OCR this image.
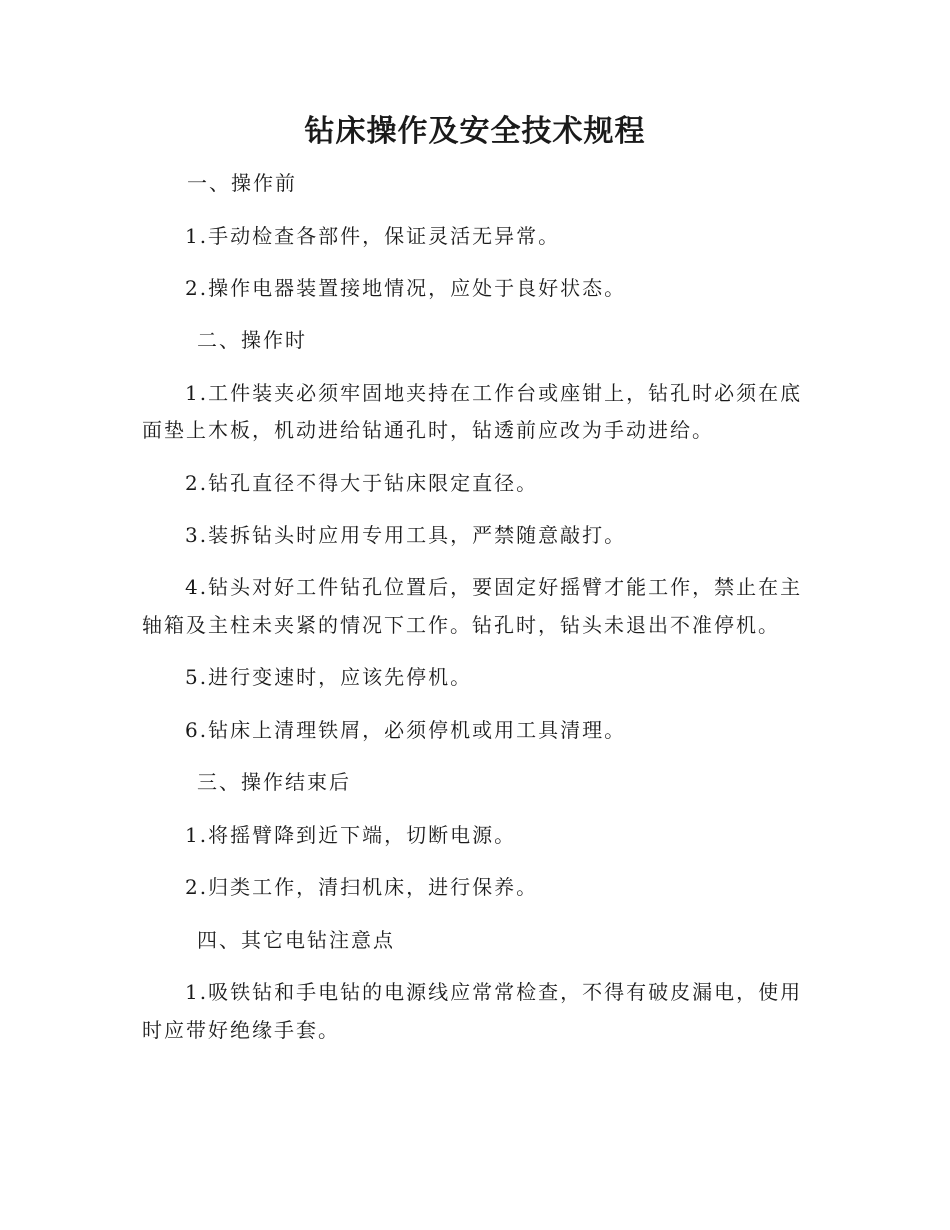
钻床操作及安全技术规程

一、操作前

1.手动检查各部件，保证灵活无异常。

2.操作电器装置接地情况，应处于良好状态。

二、操作时

1.工件装夹必须牢固地夹持在工作台或座钳上，钻孔时必须在底

面垫上木板，机动进给钻通孔时，钻透前应改为手动进给。

2.钻孔直径不得大于钻床限定直径。

3.装拆钻头时应用专用工具，严禁随意敲打。

4.钻头对好工件钻孔位置后，要固定好摇臂才能工作，禁止在主

轴箱及主柱未夹紧的情况下工作。钻孔时，钻头未退出不准停机。

5.进行变速时，应该先停机。

6.钻床上清理铁屑，必须停机或用工具清理。

三、操作结束后

1.将摇臂降到近下端，切断电源。

2.归类工作，清扫机床，进行保养。

四、其它电钻注意点

1.吸铁钻和手电钻的电源线应常常检查，不得有破皮漏电，使用

时应带好绝缘手套。
